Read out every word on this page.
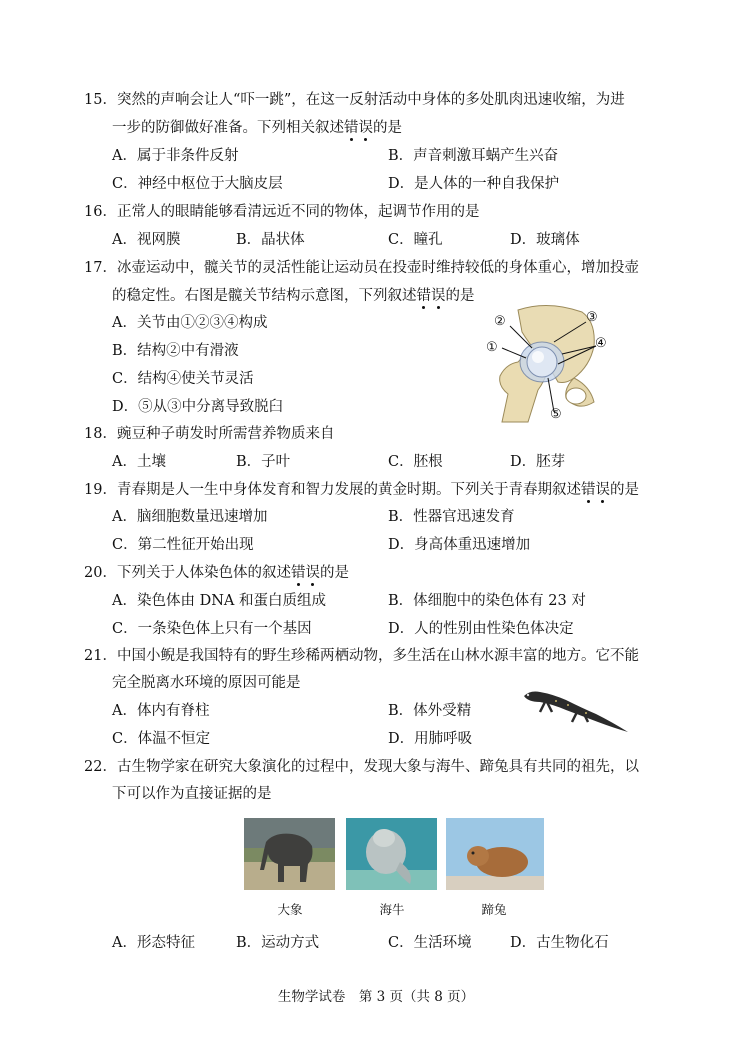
15．突然的声响会让人“吓一跳”，在这一反射活动中身体的多处肌肉迅速收缩，为进
一步的防御做好准备。下列相关叙述错误的是
A．属于非条件反射	B．声音刺激耳蜗产生兴奋
C．神经中枢位于大脑皮层	D．是人体的一种自我保护
16．正常人的眼睛能够看清远近不同的物体，起调节作用的是
A．视网膜	B．晶状体	C．瞳孔	D．玻璃体
17．冰壶运动中，髋关节的灵活性能让运动员在投壶时维持较低的身体重心，增加投壶
的稳定性。右图是髋关节结构示意图，下列叙述错误的是
A．关节由①②③④构成
B．结构②中有滑液
C．结构④使关节灵活
D．⑤从③中分离导致脱臼
②	③
④
①
⑤
18．豌豆种子萌发时所需营养物质来自
A．土壤	B．子叶	C．胚根	D．胚芽
19．青春期是人一生中身体发育和智力发展的黄金时期。下列关于青春期叙述错误的是
A．脑细胞数量迅速增加	B．性器官迅速发育
C．第二性征开始出现	D．身高体重迅速增加
20．下列关于人体染色体的叙述错误的是
A．染色体由 DNA 和蛋白质组成	B．体细胞中的染色体有 23 对
C．一条染色体上只有一个基因	D．人的性别由性染色体决定
21．中国小鲵是我国特有的野生珍稀两栖动物，多生活在山林水源丰富的地方。它不能
完全脱离水环境的原因可能是
A．体内有脊柱	B．体外受精
C．体温不恒定	D．用肺呼吸
22．古生物学家在研究大象演化的过程中，发现大象与海牛、蹄兔具有共同的祖先，以
下可以作为直接证据的是
大象	海牛	蹄兔
A．形态特征	B．运动方式	C．生活环境	D．古生物化石
生物学试卷　第 3 页（共 8 页）
